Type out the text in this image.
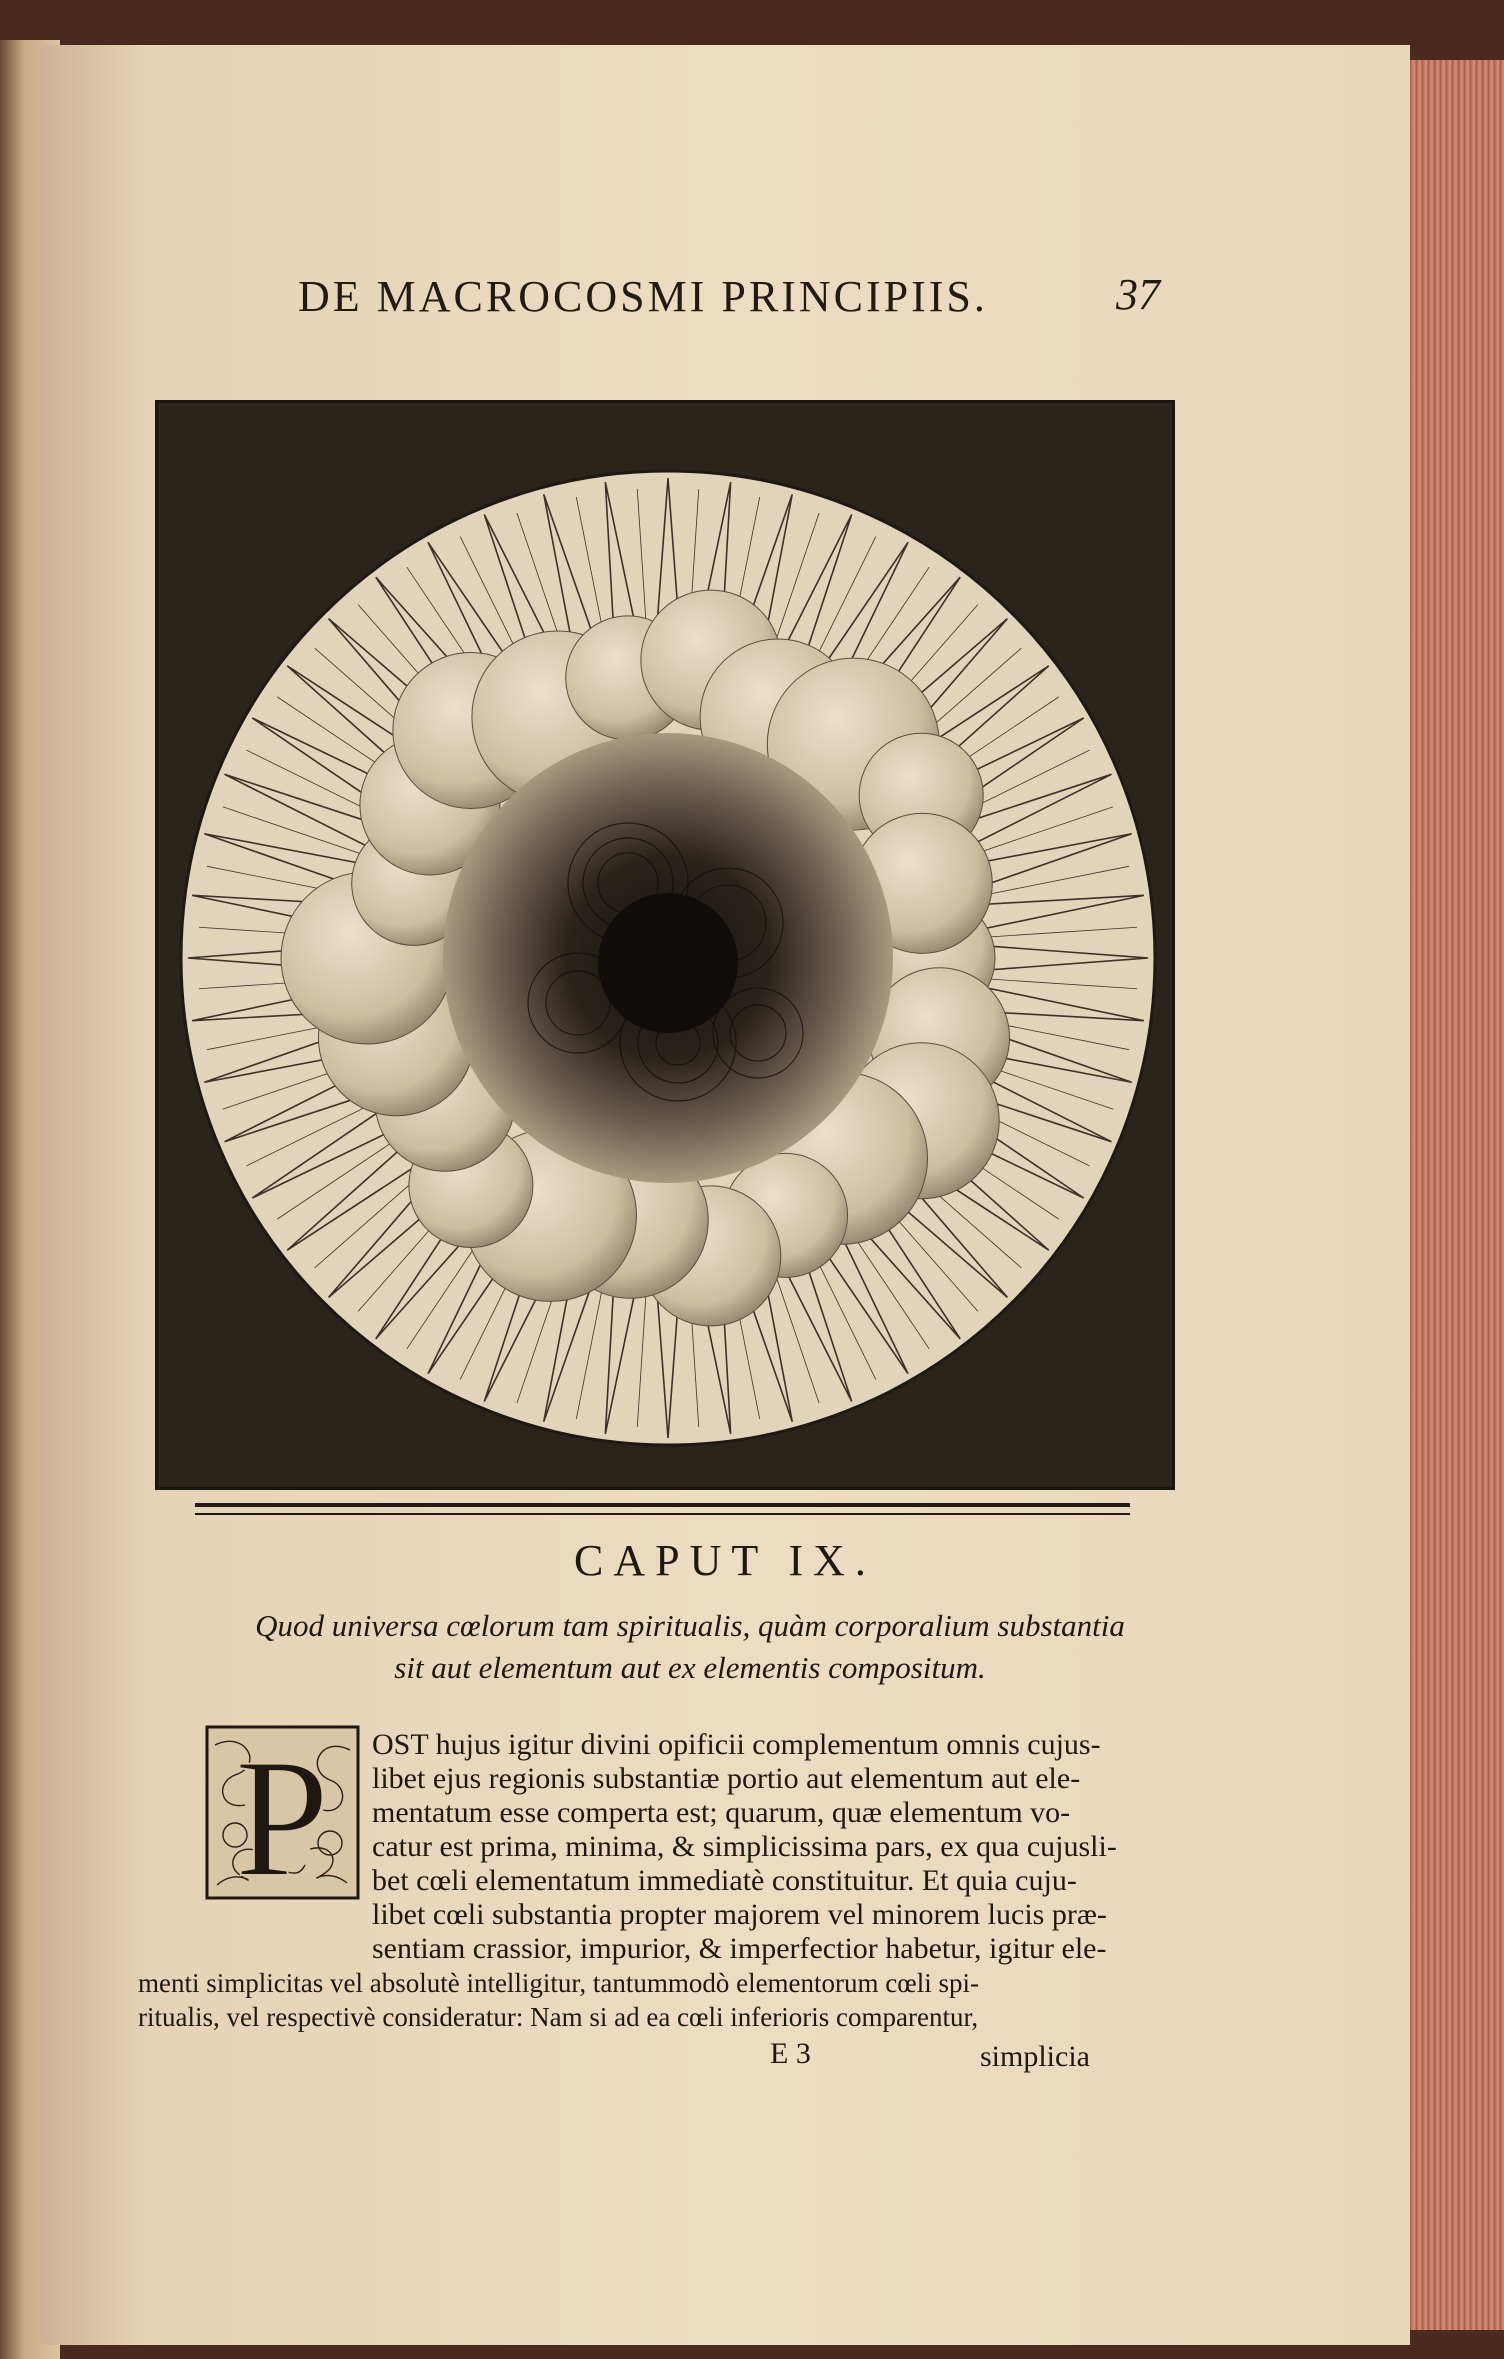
DE MACROCOSMI PRINCIPIIS.	37
CAPUT IX.
Quod universa cœlorum tam spiritualis, quàm corporalium substantia
sit aut elementum aut ex elementis compositum.
P OST hujus igitur divini opificii complementum omnis cujus-
libet ejus regionis substantiæ portio aut elementum aut ele-
mentatum esse comperta est; quarum, quæ elementum vo-
catur est prima, minima, & simplicissima pars, ex qua cujusli-
bet cœli elementatum immediatè constituitur. Et quia cuju-
libet cœli substantia propter majorem vel minorem lucis præ-
sentiam crassior, impurior, & imperfectior habetur, igitur ele-
menti simplicitas vel absolutè intelligitur, tantummodò elementorum cœli spi-
ritualis, vel respectivè consideratur: Nam si ad ea cœli inferioris comparentur,
E 3	simplicia
